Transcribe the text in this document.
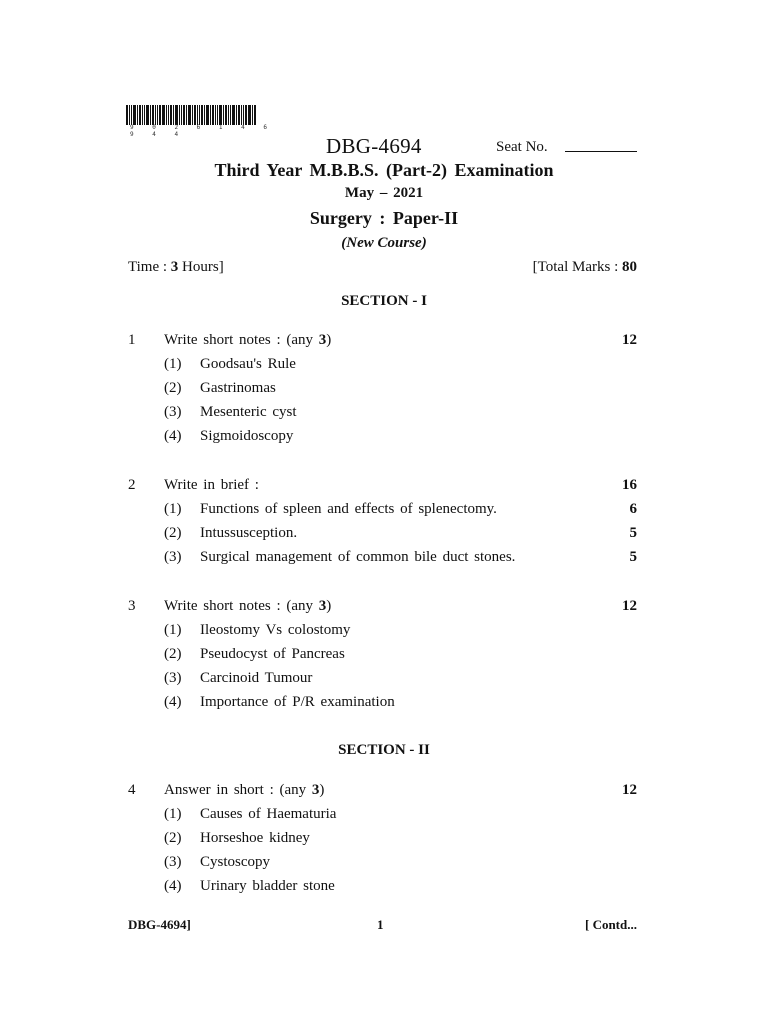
9 0 2 6 1 4 6 9 4 4	DBG-4694	Seat No.
Third Year M.B.B.S. (Part-2) Examination
May – 2021
Surgery : Paper-II
(New Course)
Time : 3 Hours]	[Total Marks : 80
SECTION - I
1 Write short notes : (any 3)	12
(1) Goodsau's Rule
(2) Gastrinomas
(3) Mesenteric cyst
(4) Sigmoidoscopy
2 Write in brief :	16
(1) Functions of spleen and effects of splenectomy.	6
(2) Intussusception.	5
(3) Surgical management of common bile duct stones.	5
3 Write short notes : (any 3)	12
(1) Ileostomy Vs colostomy
(2) Pseudocyst of Pancreas
(3) Carcinoid Tumour
(4) Importance of P/R examination
SECTION - II
4 Answer in short : (any 3)	12
(1) Causes of Haematuria
(2) Horseshoe kidney
(3) Cystoscopy
(4) Urinary bladder stone
DBG-4694]	1	[ Contd...
